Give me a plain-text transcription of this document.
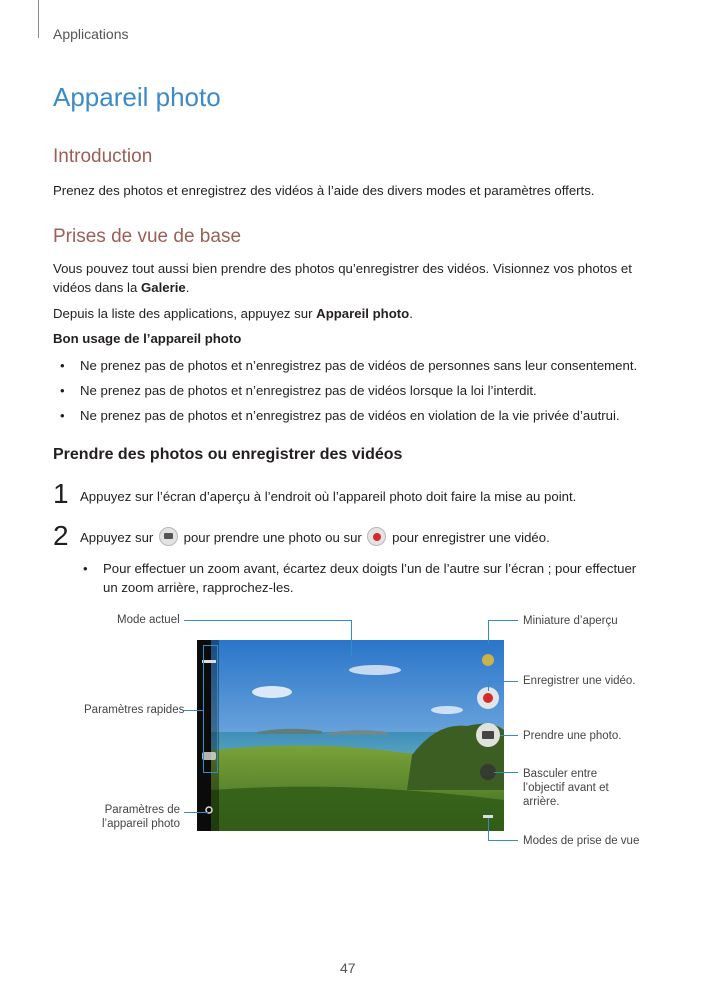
Applications
Appareil photo
Introduction

Prenez des photos et enregistrez des vidéos à l’aide des divers modes et paramètres offerts.

Prises de vue de base

Vous pouvez tout aussi bien prendre des photos qu’enregistrer des vidéos. Visionnez vos photos et vidéos dans la Galerie.

Depuis la liste des applications, appuyez sur Appareil photo.

Bon usage de l’appareil photo

•	Ne prenez pas de photos et n’enregistrez pas de vidéos de personnes sans leur consentement.
•	Ne prenez pas de photos et n’enregistrez pas de vidéos lorsque la loi l’interdit.
•	Ne prenez pas de photos et n’enregistrez pas de vidéos en violation de la vie privée d’autrui.
Prendre des photos ou enregistrer des vidéos
1 Appuyez sur l’écran d’aperçu à l’endroit où l’appareil photo doit faire la mise au point.
2 Appuyez sur
pour prendre une photo ou sur
pour enregistrer une vidéo.
•	Pour effectuer un zoom avant, écartez deux doigts l’un de l’autre sur l’écran ; pour effectuer
un zoom arrière, rapprochez-les.
Mode actuel	Miniature d’aperçu
Enregistrer une vidéo.
Paramètres rapides
Prendre une photo.
Basculer entre
l’objectif avant et
arrière.
Paramètres de
l’appareil photo
Modes de prise de vue
47
